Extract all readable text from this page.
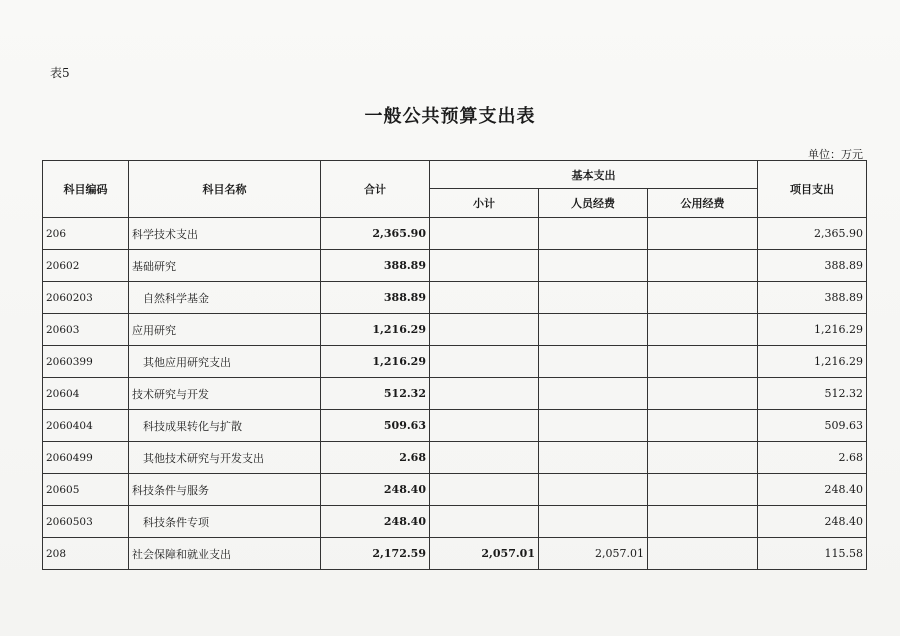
表5
一般公共预算支出表
单位：万元
科目编码	科目名称	合计	基本支出			项目支出
			小计	人员经费	公用经费	
206	科学技术支出	2,365.90				2,365.90
20602	基础研究	388.89				388.89
2060203	自然科学基金	388.89				388.89
20603	应用研究	1,216.29				1,216.29
2060399	其他应用研究支出	1,216.29				1,216.29
20604	技术研究与开发	512.32				512.32
2060404	科技成果转化与扩散	509.63				509.63
2060499	其他技术研究与开发支出	2.68				2.68
20605	科技条件与服务	248.40				248.40
2060503	科技条件专项	248.40				248.40
208	社会保障和就业支出	2,172.59	2,057.01	2,057.01		115.58
